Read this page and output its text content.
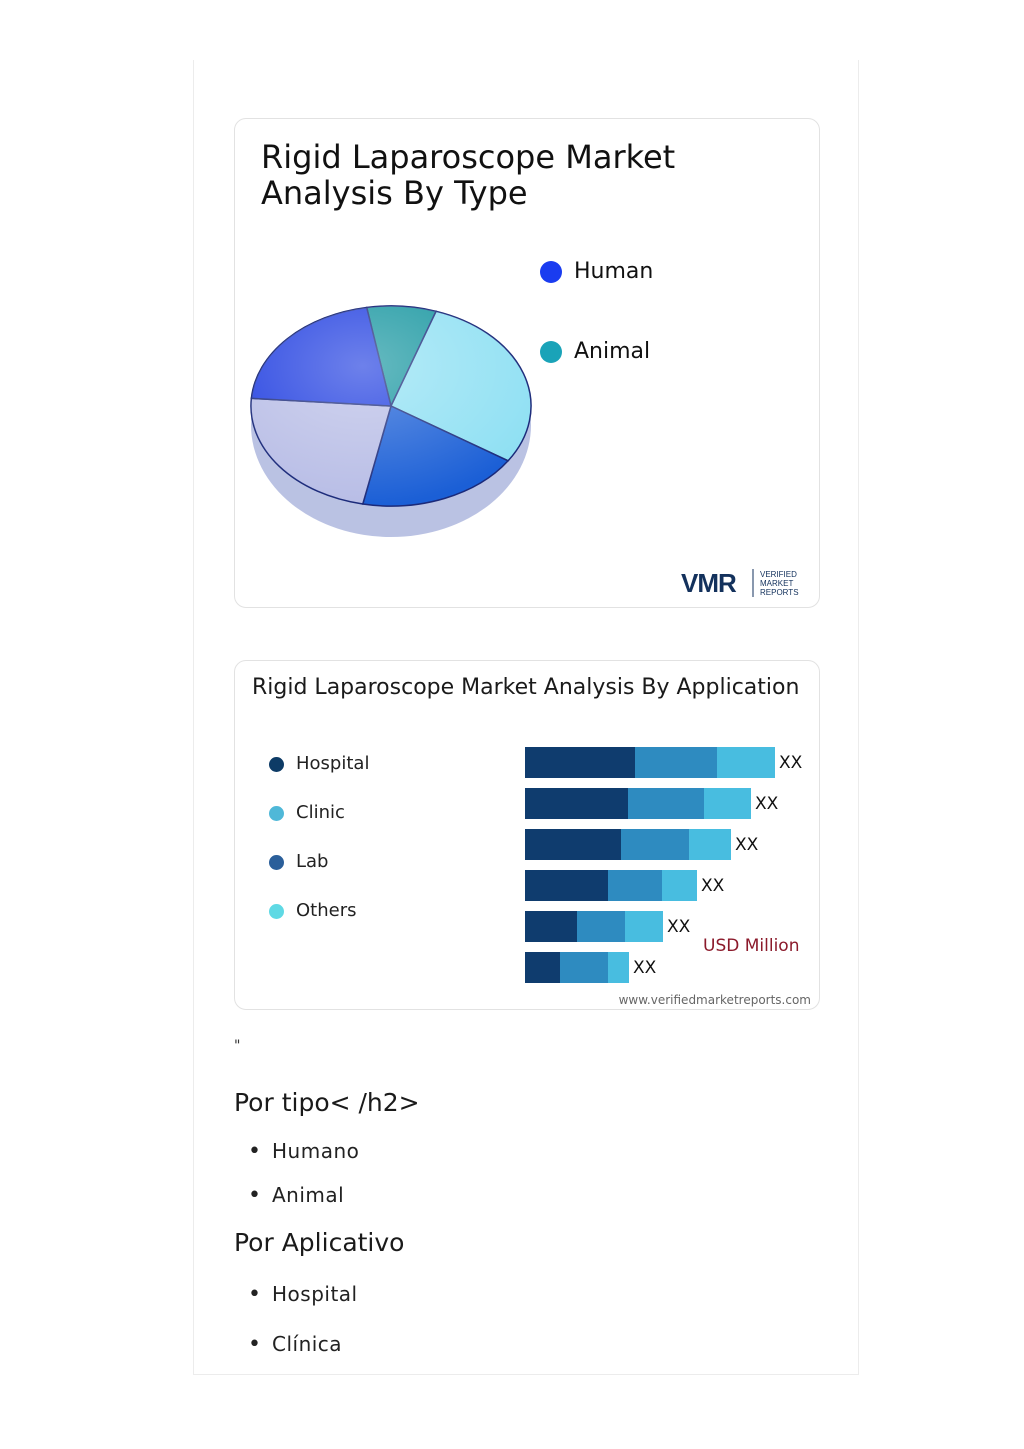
Rigid Laparoscope Market Analysis By Type
Human
Animal
VMR	VERIFIED
MARKET
REPORTS
Rigid Laparoscope Market Analysis By Application
Hospital
Clinic
Lab
Others
XX
XX
XX
XX
XX
XX
USD Million
www.verifiedmarketreports.com
"
Por tipo< /h2>
• Humano
• Animal
Por Aplicativo
• Hospital
• Clínica
